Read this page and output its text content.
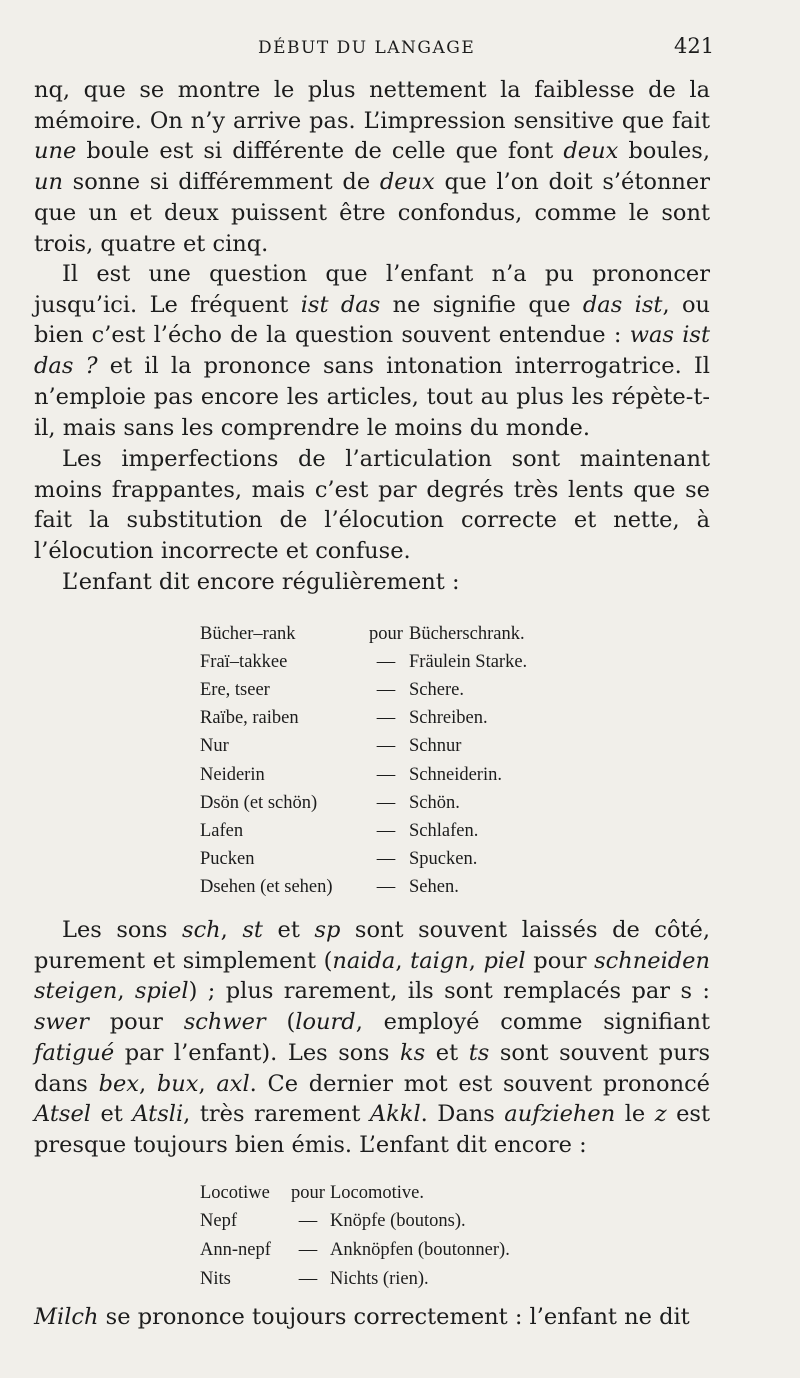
DÉBUT DU LANGAGE	421

nq, que se montre le plus nettement la faiblesse de la mémoire. On n’y arrive pas. L’impression sensitive que fait une boule est si différente de celle que font deux boules, un sonne si différemment de deux que l’on doit s’étonner que un et deux puissent être confondus, comme le sont trois, quatre et cinq.

Il est une question que l’enfant n’a pu prononcer jusqu’ici. Le fréquent ist das ne signifie que das ist, ou bien c’est l’écho de la question souvent entendue : was ist das ? et il la prononce sans intonation interrogatrice. Il n’emploie pas encore les articles, tout au plus les répète-t-il, mais sans les comprendre le moins du monde.

Les imperfections de l’articulation sont maintenant moins frappantes, mais c’est par degrés très lents que se fait la substitution de l’élocution correcte et nette, à l’élocution incorrecte et confuse.

L’enfant dit encore régulièrement :

Bücher–rank	pour	Bücherschrank.
Fraï–takkee	—	Fräulein Starke.
Ere, tseer	—	Schere.
Raïbe, raiben	—	Schreiben.
Nur	—	Schnur
Neiderin	—	Schneiderin.
Dsön (et schön)	—	Schön.
Lafen	—	Schlafen.
Pucken	—	Spucken.
Dsehen (et sehen)	—	Sehen.

Les sons sch, st et sp sont souvent laissés de côté, purement et simplement (naida, taign, piel pour schneiden steigen, spiel) ; plus rarement, ils sont remplacés par s : swer pour schwer (lourd, employé comme signifiant fatigué par l’enfant). Les sons ks et ts sont souvent purs dans bex, bux, axl. Ce dernier mot est souvent prononcé Atsel et Atsli, très rarement Akkl. Dans aufziehen le z est presque toujours bien émis. L’enfant dit encore :

Locotiwe	pour	Locomotive.
Nepf	—	Knöpfe (boutons).
Ann-nepf	—	Anknöpfen (boutonner).
Nits	—	Nichts (rien).

Milch se prononce toujours correctement : l’enfant ne dit
